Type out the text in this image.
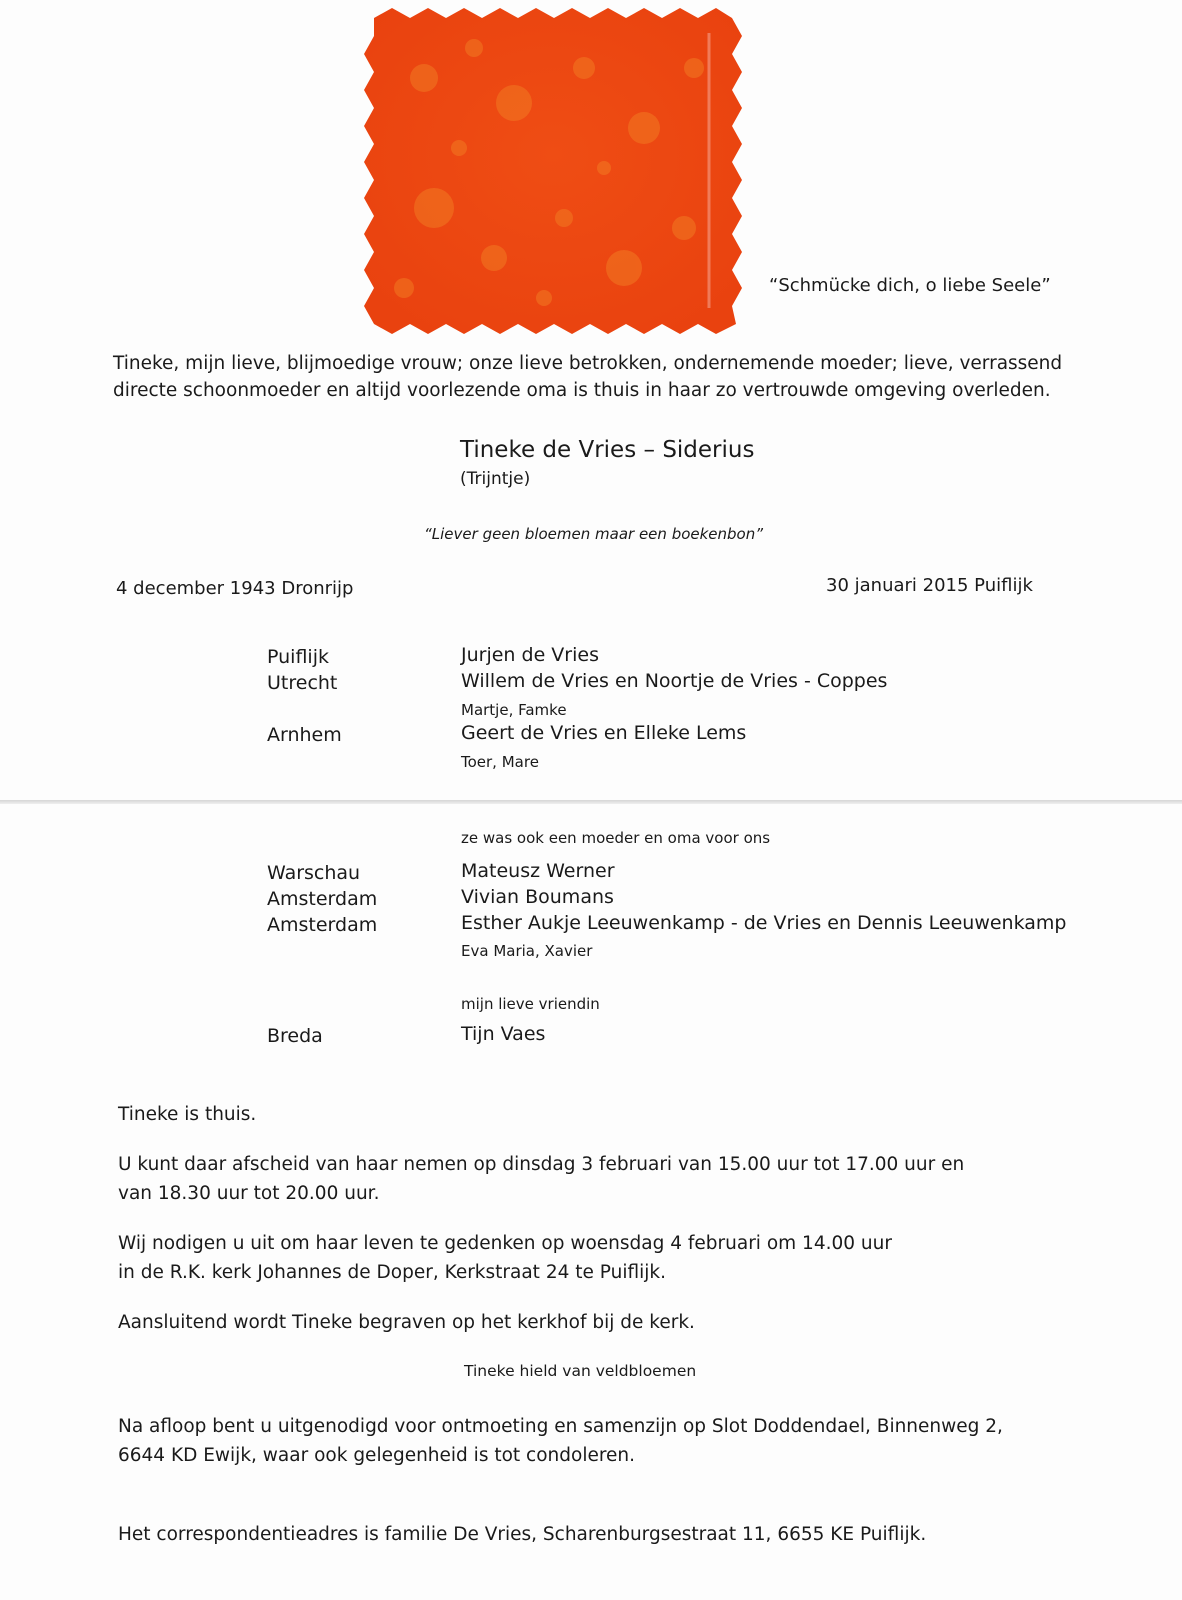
“Schmücke dich, o liebe Seele”
Tineke, mijn lieve, blijmoedige vrouw; onze lieve betrokken, ondernemende moeder; lieve, verrassend
directe schoonmoeder en altijd voorlezende oma is thuis in haar zo vertrouwde omgeving overleden.
Tineke de Vries – Siderius
(Trijntje)
“Liever geen bloemen maar een boekenbon”
4 december 1943 Dronrijp	30 januari 2015 Puiflijk
Puiflijk	Jurjen de Vries
Utrecht	Willem de Vries en Noortje de Vries - Coppes
Martje, Famke
Arnhem	Geert de Vries en Elleke Lems
Toer, Mare
ze was ook een moeder en oma voor ons
Warschau	Mateusz Werner
Amsterdam	Vivian Boumans
Amsterdam	Esther Aukje Leeuwenkamp - de Vries en Dennis Leeuwenkamp
Eva Maria, Xavier
mijn lieve vriendin
Breda	Tijn Vaes
Tineke is thuis.
U kunt daar afscheid van haar nemen op dinsdag 3 februari van 15.00 uur tot 17.00 uur en
van 18.30 uur tot 20.00 uur.
Wij nodigen u uit om haar leven te gedenken op woensdag 4 februari om 14.00 uur
in de R.K. kerk Johannes de Doper, Kerkstraat 24 te Puiflijk.
Aansluitend wordt Tineke begraven op het kerkhof bij de kerk.
Tineke hield van veldbloemen
Na afloop bent u uitgenodigd voor ontmoeting en samenzijn op Slot Doddendael, Binnenweg 2,
6644 KD Ewijk, waar ook gelegenheid is tot condoleren.
Het correspondentieadres is familie De Vries, Scharenburgsestraat 11, 6655 KE Puiflijk.
